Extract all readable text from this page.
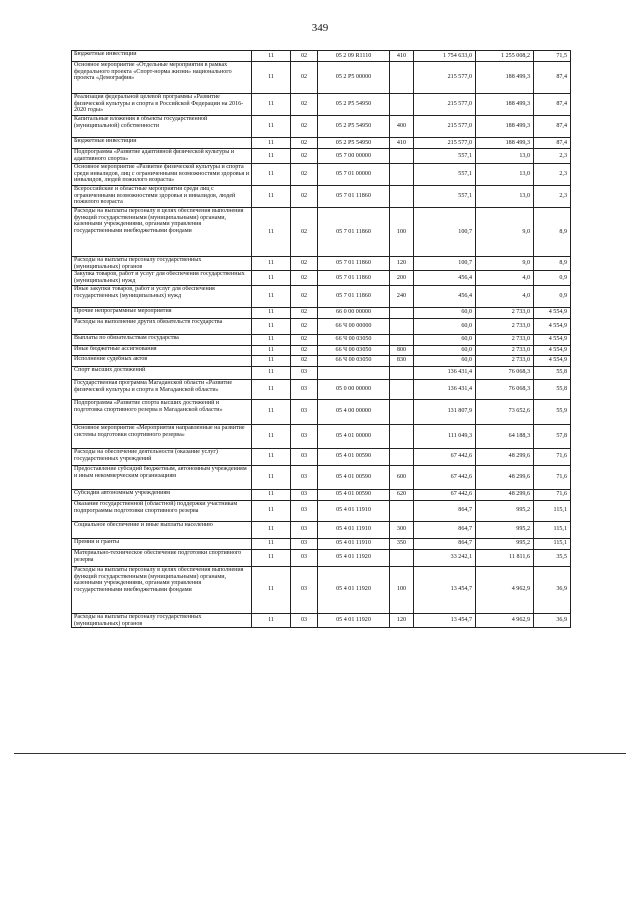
349
Бюджетные инвестиции	11	02	05 2 09 R1110	410	1 754 633,0	1 255 008,2	71,5
Основное мероприятие «Отдельные мероприятия в рамках федерального проекта «Спорт-норма жизни» национального проекта «Демография»	11	02	05 2 P5 00000		215 577,0	188 499,3	87,4
Реализация федеральной целевой программы «Развитие физической культуры и спорта в Российской Федерации на 2016-2020 годы»	11	02	05 2 P5 54950		215 577,0	188 499,3	87,4
Капитальные вложения в объекты государственной (муниципальной) собственности	11	02	05 2 P5 54950	400	215 577,0	188 499,3	87,4
Бюджетные инвестиции	11	02	05 2 P5 54950	410	215 577,0	188 499,3	87,4
Подпрограмма «Развитие адаптивной физической культуры и адаптивного спорта»	11	02	05 7 00 00000		557,1	13,0	2,3
Основное мероприятие «Развитие физической культуры и спорта среди инвалидов, лиц с ограниченными возможностями здоровья и инвалидов, людей пожилого возраста»	11	02	05 7 01 00000		557,1	13,0	2,3
Всероссийские и областные мероприятия среди лиц с ограниченными возможностями здоровья и инвалидов, людей пожилого возраста	11	02	05 7 01 11860		557,1	13,0	2,3
Расходы на выплаты персоналу в целях обеспечения выполнения функций государственными (муниципальными) органами, казенными учреждениями, органами управления государственными внебюджетными фондами	11	02	05 7 01 11860	100	100,7	9,0	8,9
Расходы на выплаты персоналу государственных (муниципальных) органов	11	02	05 7 01 11860	120	100,7	9,0	8,9
Закупка товаров, работ и услуг для обеспечения государственных (муниципальных) нужд	11	02	05 7 01 11860	200	456,4	4,0	0,9
Иные закупки товаров, работ и услуг для обеспечения государственных (муниципальных) нужд	11	02	05 7 01 11860	240	456,4	4,0	0,9
Прочие непрограммные мероприятия	11	02	66 0 00 00000		60,0	2 733,0	4 554,9
Расходы на выполнение других обязательств государства	11	02	66 Ч 00 00000		60,0	2 733,0	4 554,9
Выплаты по обязательствам государства	11	02	66 Ч 00 03050		60,0	2 733,0	4 554,9
Иные бюджетные ассигнования	11	02	66 Ч 00 03050	800	60,0	2 733,0	4 554,9
Исполнение судебных актов	11	02	66 Ч 00 03050	830	60,0	2 733,0	4 554,9
Спорт высших достижений	11	03			136 431,4	76 068,3	55,8
Государственная программа Магаданской области «Развитие физической культуры и спорта в Магаданской области»	11	03	05 0 00 00000		136 431,4	76 068,3	55,8
Подпрограмма «Развитие спорта высших достижений и подготовка спортивного резерва в Магаданской области»	11	03	05 4 00 00000		131 807,9	73 652,6	55,9
Основное мероприятие «Мероприятия направленные на развитие системы подготовки спортивного резерва»	11	03	05 4 01 00000		111 049,3	64 188,3	57,8
Расходы на обеспечение деятельности (оказание услуг) государственных учреждений	11	03	05 4 01 00590		67 442,6	48 299,6	71,6
Предоставление субсидий бюджетным, автономным учреждениям и иным некоммерческим организациям	11	03	05 4 01 00590	600	67 442,6	48 299,6	71,6
Субсидии автономным учреждениям	11	03	05 4 01 00590	620	67 442,6	48 299,6	71,6
Оказание государственной (областной) поддержки участникам подпрограммы подготовки спортивного резерва	11	03	05 4 01 11910		864,7	995,2	115,1
Социальное обеспечение и иные выплаты населению	11	03	05 4 01 11910	300	864,7	995,2	115,1
Премии и гранты	11	03	05 4 01 11910	350	864,7	995,2	115,1
Материально-техническое обеспечение подготовки спортивного резерва	11	03	05 4 01 11920		33 242,1	11 811,6	35,5
Расходы на выплаты персоналу в целях обеспечения выполнения функций государственными (муниципальными) органами, казенными учреждениями, органами управления государственными внебюджетными фондами	11	03	05 4 01 11920	100	13 454,7	4 962,9	36,9
Расходы на выплаты персоналу государственных (муниципальных) органов	11	03	05 4 01 11920	120	13 454,7	4 962,9	36,9
